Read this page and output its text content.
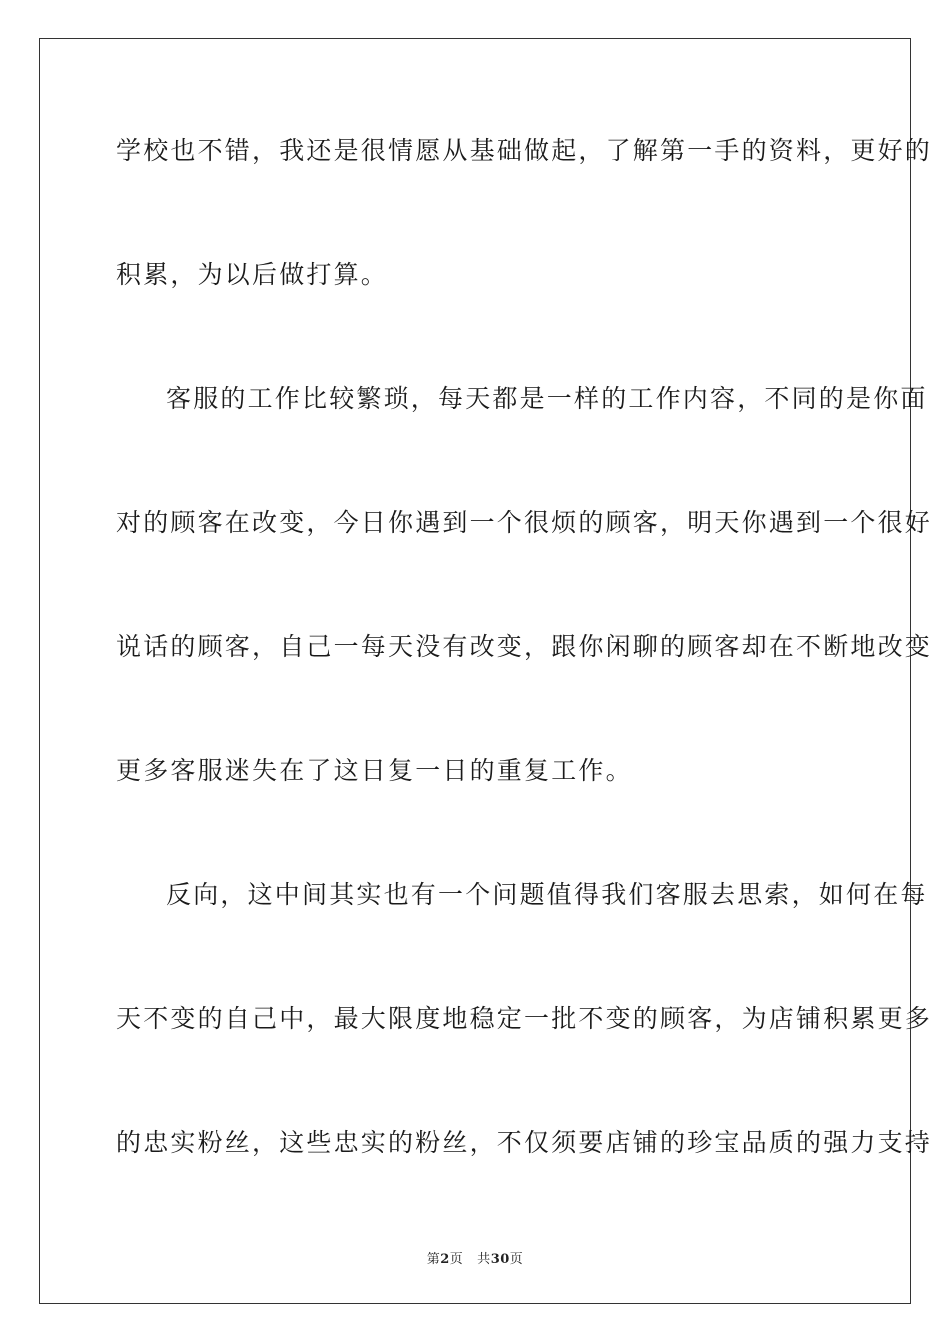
学校也不错，我还是很情愿从基础做起，了解第一手的资料，更好的
积累，为以后做打算。
客服的工作比较繁琐，每天都是一样的工作内容，不同的是你面
对的顾客在改变，今日你遇到一个很烦的顾客，明天你遇到一个很好
说话的顾客，自己一每天没有改变，跟你闲聊的顾客却在不断地改变
更多客服迷失在了这日复一日的重复工作。
反向，这中间其实也有一个问题值得我们客服去思索，如何在每
天不变的自己中，最大限度地稳定一批不变的顾客，为店铺积累更多
的忠实粉丝，这些忠实的粉丝，不仅须要店铺的珍宝品质的强力支持
第2页 共30页
